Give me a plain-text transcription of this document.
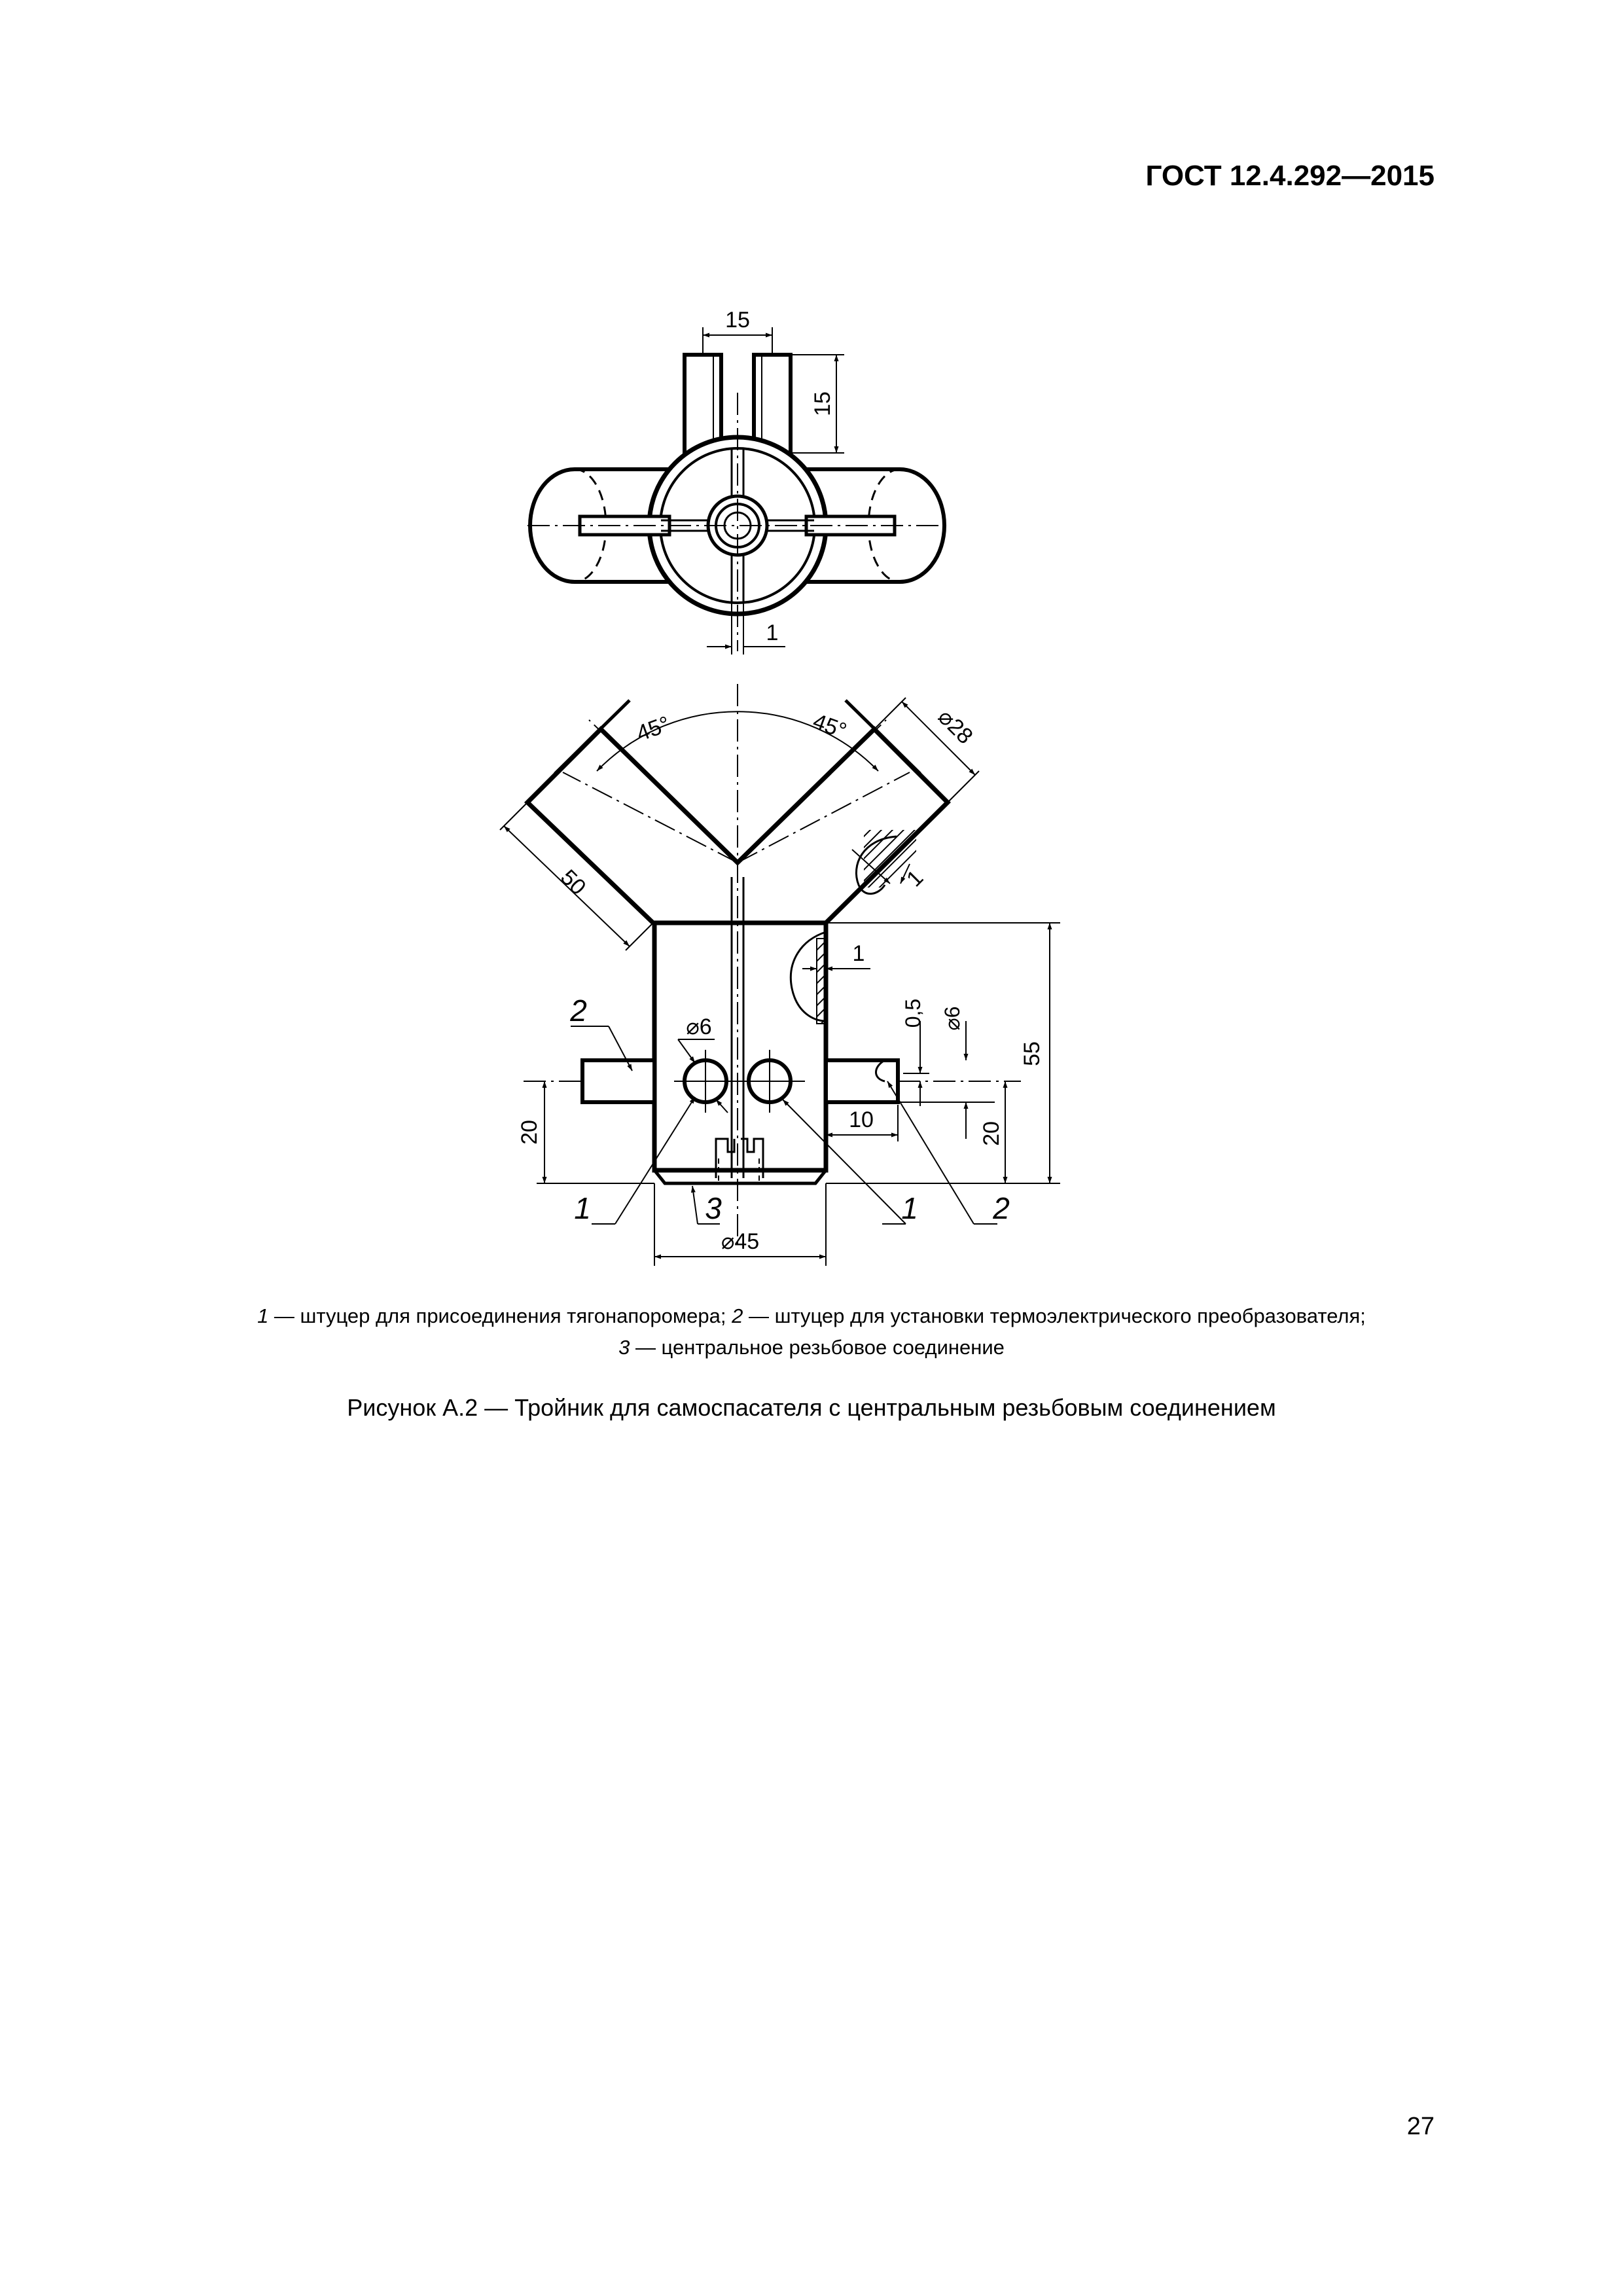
ГОСТ 12.4.292—2015
15
15
1
45°	45°	⌀28
50	1
1
⌀6	0,5 ⌀6
55
20	20
10
⌀45
2
1	3	1 2
1 — штуцер для присоединения тягонапоромера; 2 — штуцер для установки термоэлектрического преобразователя;
3 — центральное резьбовое соединение
Рисунок А.2 — Тройник для самоспасателя с центральным резьбовым соединением
27
